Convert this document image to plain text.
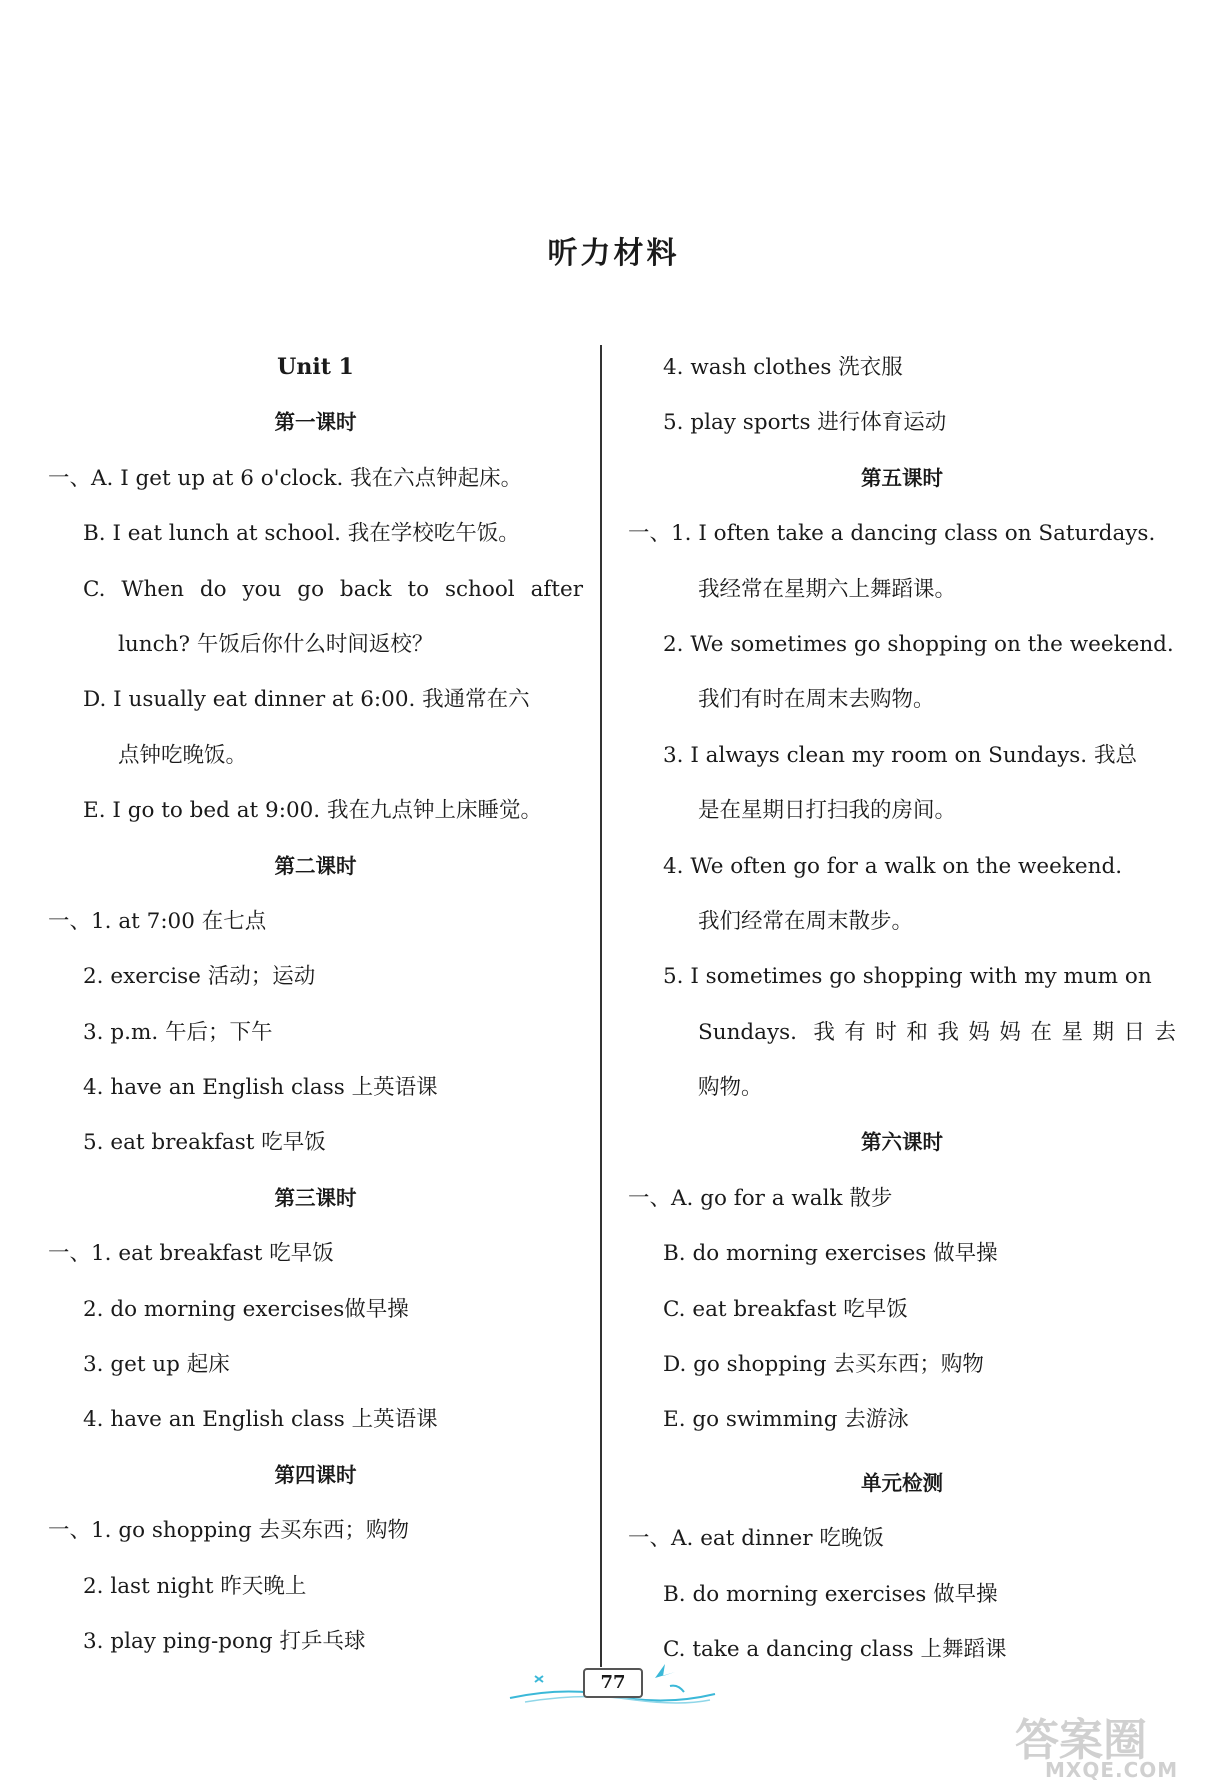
听力材料
Unit 1
第一课时
一、A. I get up at 6 o'clock. 我在六点钟起床。
B. I eat lunch at school. 我在学校吃午饭。
C. When do you go back to school after
lunch? 午饭后你什么时间返校？
D. I usually eat dinner at 6:00. 我通常在六
点钟吃晚饭。
E. I go to bed at 9:00. 我在九点钟上床睡觉。
第二课时
一、1. at 7:00 在七点
2. exercise 活动；运动
3. p.m. 午后；下午
4. have an English class 上英语课
5. eat breakfast 吃早饭
第三课时
一、1. eat breakfast 吃早饭
2. do morning exercises做早操
3. get up 起床
4. have an English class 上英语课
第四课时
一、1. go shopping 去买东西；购物
2. last night 昨天晚上
3. play ping-pong 打乒乓球
4. wash clothes 洗衣服
5. play sports 进行体育运动
第五课时
一、1. I often take a dancing class on Saturdays.
我经常在星期六上舞蹈课。
2. We sometimes go shopping on the weekend.
我们有时在周末去购物。
3. I always clean my room on Sundays. 我总
是在星期日打扫我的房间。
4. We often go for a walk on the weekend.
我们经常在周末散步。
5. I sometimes go shopping with my mum on
Sundays. 我有时和我妈妈在星期日去
购物。
第六课时
一、A. go for a walk 散步
B. do morning exercises 做早操
C. eat breakfast 吃早饭
D. go shopping 去买东西；购物
E. go swimming 去游泳
单元检测
一、A. eat dinner 吃晚饭
B. do morning exercises 做早操
C. take a dancing class 上舞蹈课
77
答案圈
MXQE.COM
